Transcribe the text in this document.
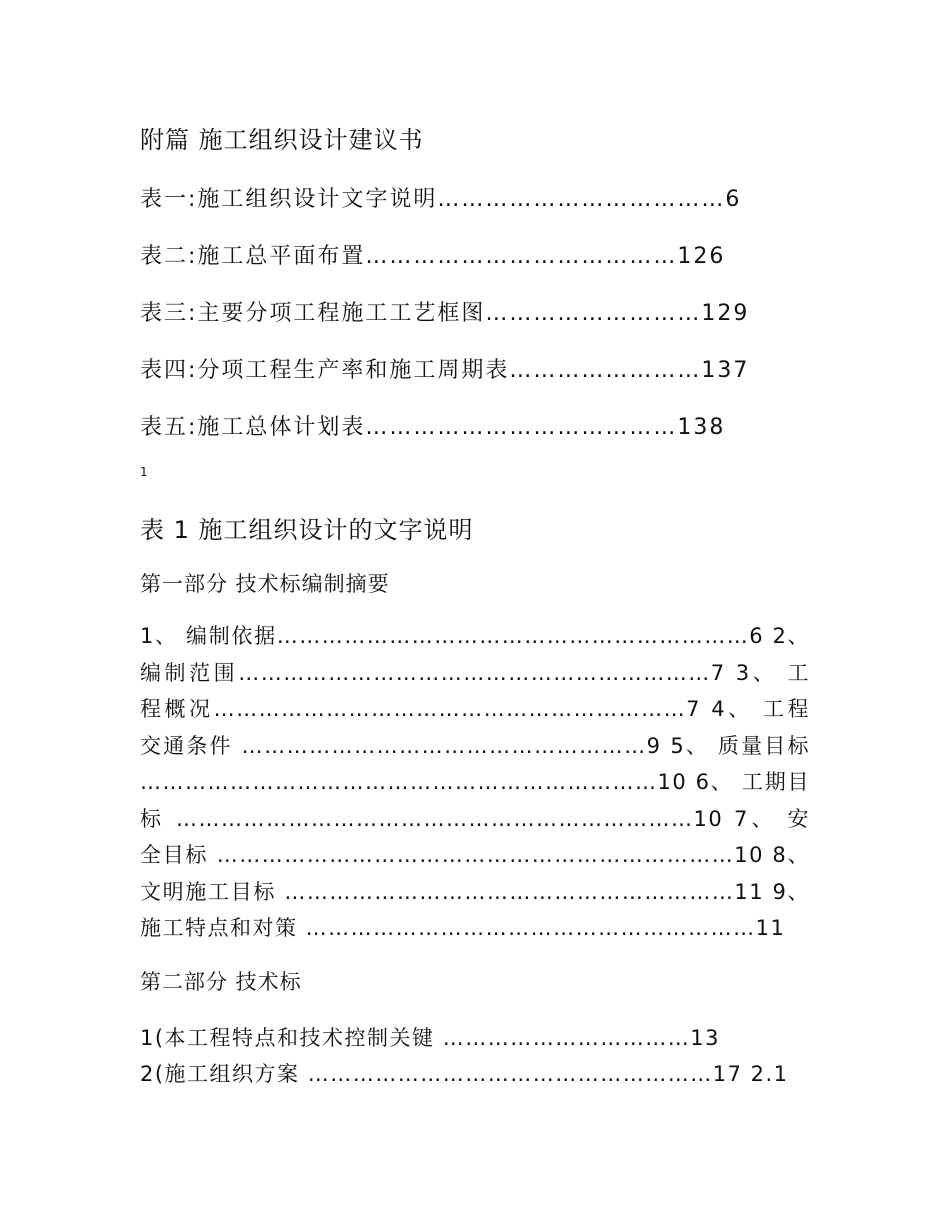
附篇 施工组织设计建议书
表一:施工组织设计文字说明………………………………6
表二:施工总平面布置…………………………………126
表三:主要分项工程施工工艺框图………………………129
表四:分项工程生产率和施工周期表……………………137
表五:施工总体计划表…………………………………138
1
表 1 施工组织设计的文字说明
第一部分 技术标编制摘要
1、 编制依据………………………………………………………6 2、编制范围………………………………………………………7 3、 工程概况………………………………………………………7 4、 工程交通条件 ………………………………………………9 5、 质量目标 ……………………………………………………………10 6、 工期目标 ……………………………………………………………10 7、 安全目标 ……………………………………………………………10 8、 文明施工目标 ……………………………………………………11 9、 施工特点和对策 ……………………………………………………11
第二部分 技术标
1(本工程特点和技术控制关键 ……………………………13
2(施工组织方案 ………………………………………………17 2.1
